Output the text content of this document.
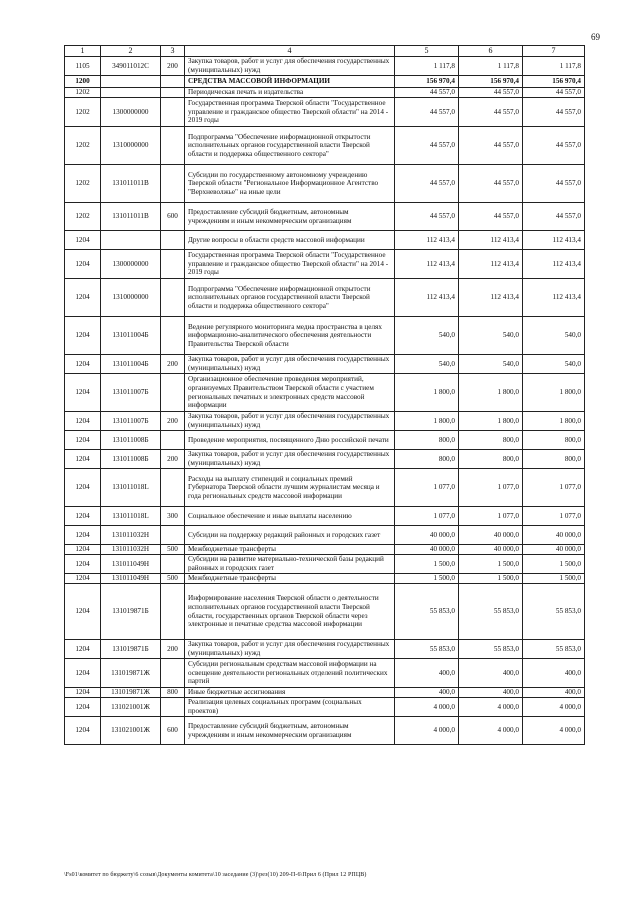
69
1	2	3	4	5	6	7
1105	349011012С	200	Закупка товаров, работ и услуг для обеспечения государственных (муниципальных) нужд	1 117,8	1 117,8	1 117,8
1200			СРЕДСТВА МАССОВОЙ ИНФОРМАЦИИ	156 970,4	156 970,4	156 970,4
1202			Периодическая печать и издательства	44 557,0	44 557,0	44 557,0
1202	1300000000		Государственная программа Тверской области "Государственное управление и гражданское общество Тверской области" на 2014 - 2019 годы	44 557,0	44 557,0	44 557,0
1202	1310000000		Подпрограмма "Обеспечение информационной открытости исполнительных органов государственной власти Тверской области и поддержка общественного сектора"	44 557,0	44 557,0	44 557,0
1202	131011011В		Субсидии по государственному автономному учреждению Тверской области "Региональное Информационное Агентство "Верхневолжье" на иные цели	44 557,0	44 557,0	44 557,0
1202	131011011В	600	Предоставление субсидий бюджетным, автономным учреждениям и иным некоммерческим организациям	44 557,0	44 557,0	44 557,0
1204			Другие вопросы в области средств массовой информации	112 413,4	112 413,4	112 413,4
1204	1300000000		Государственная программа Тверской области "Государственное управление и гражданское общество Тверской области" на 2014 - 2019 годы	112 413,4	112 413,4	112 413,4
1204	1310000000		Подпрограмма "Обеспечение информационной открытости исполнительных органов государственной власти Тверской области и поддержка общественного сектора"	112 413,4	112 413,4	112 413,4
1204	131011004Б		Ведение регулярного мониторинга медиа пространства в целях информационно-аналитического обеспечения деятельности Правительства Тверской области	540,0	540,0	540,0
1204	131011004Б	200	Закупка товаров, работ и услуг для обеспечения государственных (муниципальных) нужд	540,0	540,0	540,0
1204	131011007Б		Организационное обеспечение проведения мероприятий, организуемых Правительством Тверской области с участием региональных печатных и электронных средств массовой информации	1 800,0	1 800,0	1 800,0
1204	131011007Б	200	Закупка товаров, работ и услуг для обеспечения государственных (муниципальных) нужд	1 800,0	1 800,0	1 800,0
1204	131011008Б		Проведение мероприятия, посвященного Дню российской печати	800,0	800,0	800,0
1204	131011008Б	200	Закупка товаров, работ и услуг для обеспечения государственных (муниципальных) нужд	800,0	800,0	800,0
1204	131011018L		Расходы на выплату стипендий и социальных премий Губернатора Тверской области лучшим журналистам месяца и года региональных средств массовой информации	1 077,0	1 077,0	1 077,0
1204	131011018L	300	Социальное обеспечение и иные выплаты населению	1 077,0	1 077,0	1 077,0
1204	131011032Н		Субсидии на поддержку редакций районных и городских газет	40 000,0	40 000,0	40 000,0
1204	131011032Н	500	Межбюджетные трансферты	40 000,0	40 000,0	40 000,0
1204	131011049Н		Субсидии на развитие материально-технической базы редакций районных и городских газет	1 500,0	1 500,0	1 500,0
1204	131011049Н	500	Межбюджетные трансферты	1 500,0	1 500,0	1 500,0
1204	131019871Б		Информирование населения Тверской области о деятельности исполнительных органов государственной власти Тверской области, государственных органов Тверской области через электронные и печатные средства массовой информации	55 853,0	55 853,0	55 853,0
1204	131019871Б	200	Закупка товаров, работ и услуг для обеспечения государственных (муниципальных) нужд	55 853,0	55 853,0	55 853,0
1204	131019871Ж		Субсидии региональным средствам массовой информации на освещение деятельности региональных отделений политических партий	400,0	400,0	400,0
1204	131019871Ж	800	Иные бюджетные ассигнования	400,0	400,0	400,0
1204	131021001Ж		Реализация целевых социальных программ (социальных проектов)	4 000,0	4 000,0	4 000,0
1204	131021001Ж	600	Предоставление субсидий бюджетным, автономным учреждениям и иным некоммерческим организациям	4 000,0	4 000,0	4 000,0
\Fs01\комитет по бюджету\6 созыв\Документы комитета\10 заседание (3)\рез(10) 209-П-6\Прил 6 (Прил 12 РПЦВ)
